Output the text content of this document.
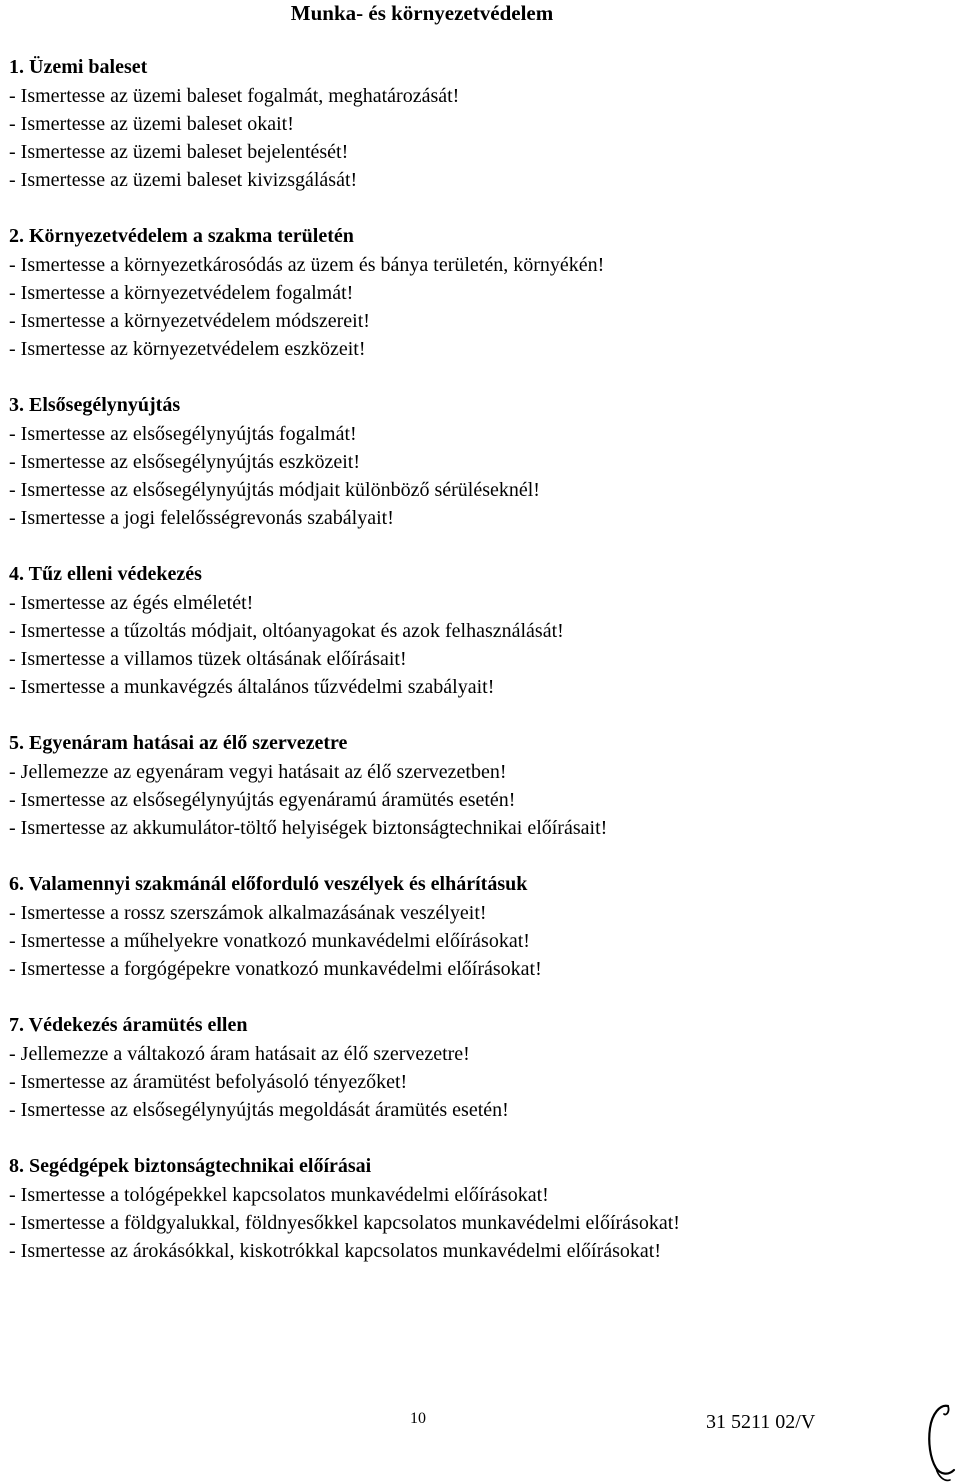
Munka- és környezetvédelem
1. Üzemi baleset
- Ismertesse az üzemi baleset fogalmát, meghatározását!
- Ismertesse az üzemi baleset okait!
- Ismertesse az üzemi baleset bejelentését!
- Ismertesse az üzemi baleset kivizsgálását!
2. Környezetvédelem a szakma területén
- Ismertesse a környezetkárosódás az üzem és bánya területén, környékén!
- Ismertesse a környezetvédelem fogalmát!
- Ismertesse a környezetvédelem módszereit!
- Ismertesse az környezetvédelem eszközeit!
3. Elsősegélynyújtás
- Ismertesse az elsősegélynyújtás fogalmát!
- Ismertesse az elsősegélynyújtás eszközeit!
- Ismertesse az elsősegélynyújtás módjait különböző sérüléseknél!
- Ismertesse a jogi felelősségrevonás szabályait!
4. Tűz elleni védekezés
- Ismertesse az égés elméletét!
- Ismertesse a tűzoltás módjait, oltóanyagokat és azok felhasználását!
- Ismertesse a villamos tüzek oltásának előírásait!
- Ismertesse a munkavégzés általános tűzvédelmi szabályait!
5. Egyenáram hatásai az élő szervezetre
- Jellemezze az egyenáram vegyi hatásait az élő szervezetben!
- Ismertesse az elsősegélynyújtás egyenáramú áramütés esetén!
- Ismertesse az akkumulátor-töltő helyiségek biztonságtechnikai előírásait!
6. Valamennyi szakmánál előforduló veszélyek és elhárításuk
- Ismertesse a rossz szerszámok alkalmazásának veszélyeit!
- Ismertesse a műhelyekre vonatkozó munkavédelmi előírásokat!
- Ismertesse a forgógépekre vonatkozó munkavédelmi előírásokat!
7. Védekezés áramütés ellen
- Jellemezze a váltakozó áram hatásait az élő szervezetre!
- Ismertesse az áramütést befolyásoló tényezőket!
- Ismertesse az elsősegélynyújtás megoldását áramütés esetén!
8. Segédgépek biztonságtechnikai előírásai
- Ismertesse a tológépekkel kapcsolatos munkavédelmi előírásokat!
- Ismertesse a földgyalukkal, földnyesőkkel kapcsolatos munkavédelmi előírásokat!
- Ismertesse az árokásókkal, kiskotrókkal kapcsolatos munkavédelmi előírásokat!
10	31 5211 02/V
